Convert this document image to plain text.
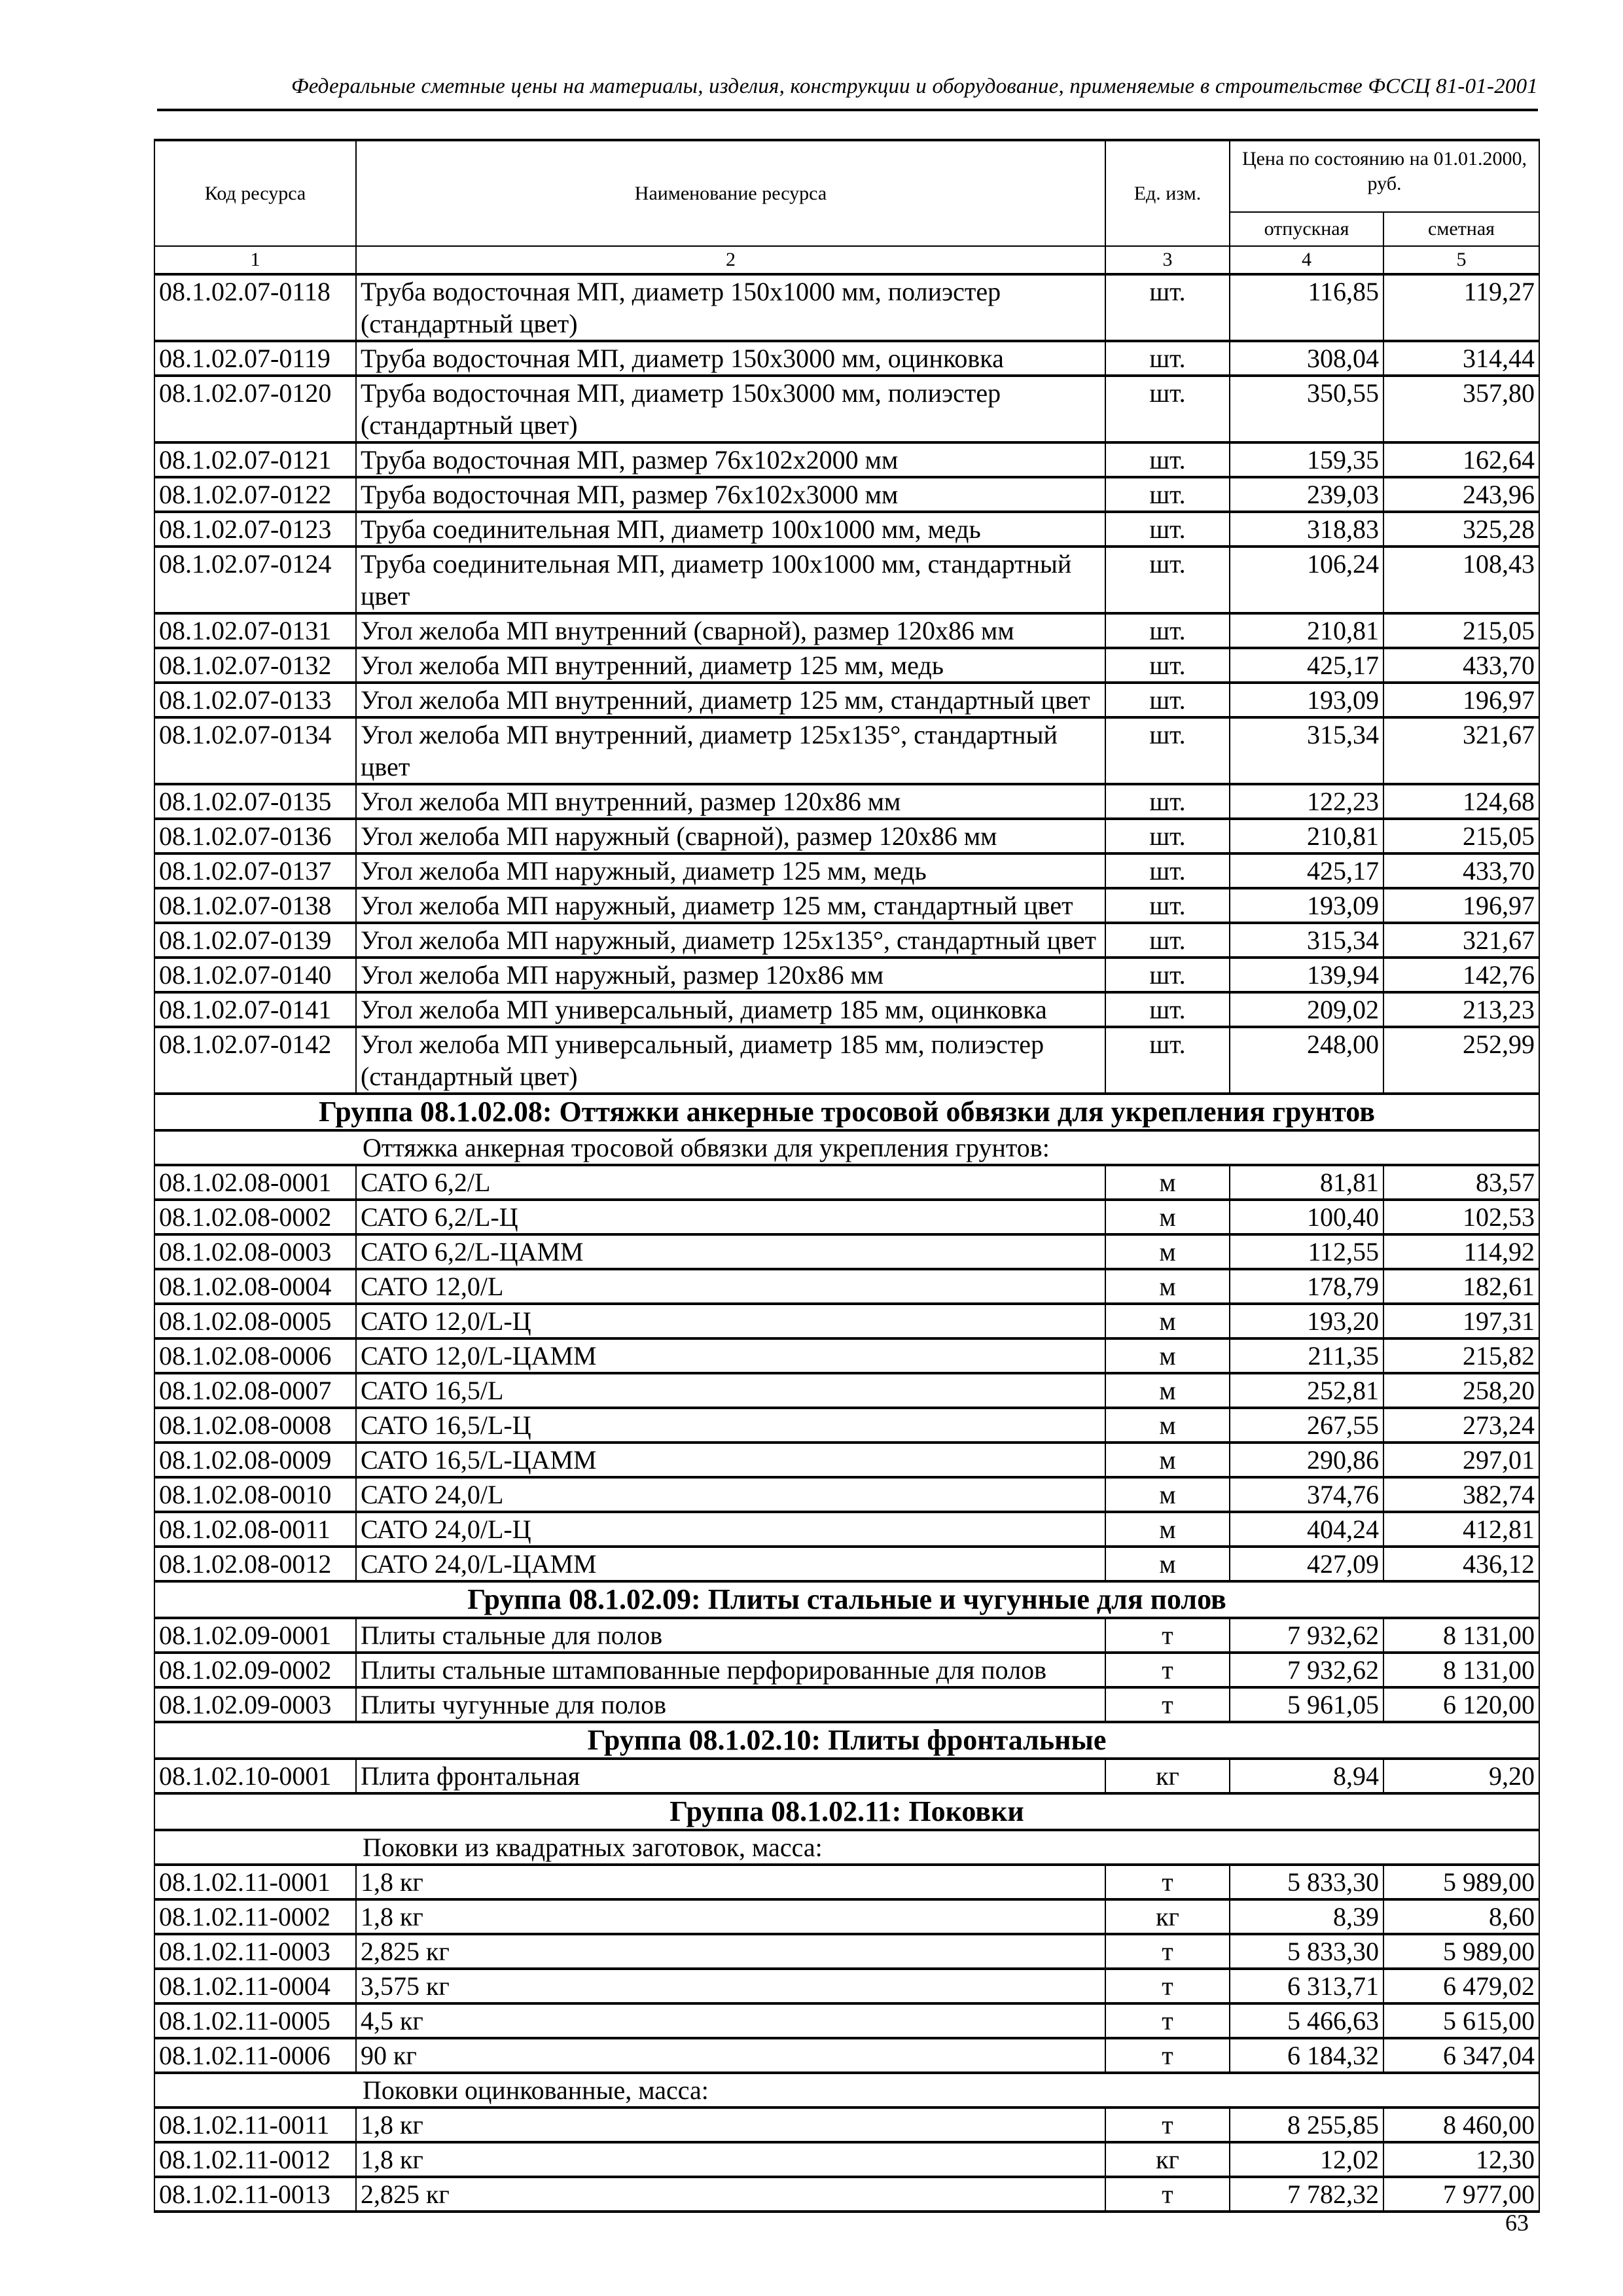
Федеральные сметные цены на материалы, изделия, конструкции и оборудование, применяемые в строительстве ФССЦ 81-01-2001
Код ресурса	Наименование ресурса	Ед. изм.	Цена по состоянию на 01.01.2000, руб.	
			отпускная	сметная
1	2	3	4	5
08.1.02.07-0118	Труба водосточная МП, диаметр 150х1000 мм, полиэстер (стандартный цвет)	шт.	116,85	119,27
08.1.02.07-0119	Труба водосточная МП, диаметр 150х3000 мм, оцинковка	шт.	308,04	314,44
08.1.02.07-0120	Труба водосточная МП, диаметр 150х3000 мм, полиэстер (стандартный цвет)	шт.	350,55	357,80
08.1.02.07-0121	Труба водосточная МП, размер 76х102х2000 мм	шт.	159,35	162,64
08.1.02.07-0122	Труба водосточная МП, размер 76х102х3000 мм	шт.	239,03	243,96
08.1.02.07-0123	Труба соединительная МП, диаметр 100х1000 мм, медь	шт.	318,83	325,28
08.1.02.07-0124	Труба соединительная МП, диаметр 100х1000 мм, стандартный цвет	шт.	106,24	108,43
08.1.02.07-0131	Угол желоба МП внутренний (сварной), размер 120х86 мм	шт.	210,81	215,05
08.1.02.07-0132	Угол желоба МП внутренний, диаметр 125 мм, медь	шт.	425,17	433,70
08.1.02.07-0133	Угол желоба МП внутренний, диаметр 125 мм, стандартный цвет	шт.	193,09	196,97
08.1.02.07-0134	Угол желоба МП внутренний, диаметр 125х135°, стандартный цвет	шт.	315,34	321,67
08.1.02.07-0135	Угол желоба МП внутренний, размер 120х86 мм	шт.	122,23	124,68
08.1.02.07-0136	Угол желоба МП наружный (сварной), размер 120х86 мм	шт.	210,81	215,05
08.1.02.07-0137	Угол желоба МП наружный, диаметр 125 мм, медь	шт.	425,17	433,70
08.1.02.07-0138	Угол желоба МП наружный, диаметр 125 мм, стандартный цвет	шт.	193,09	196,97
08.1.02.07-0139	Угол желоба МП наружный, диаметр 125х135°, стандартный цвет	шт.	315,34	321,67
08.1.02.07-0140	Угол желоба МП наружный, размер 120х86 мм	шт.	139,94	142,76
08.1.02.07-0141	Угол желоба МП универсальный, диаметр 185 мм, оцинковка	шт.	209,02	213,23
08.1.02.07-0142	Угол желоба МП универсальный, диаметр 185 мм, полиэстер (стандартный цвет)	шт.	248,00	252,99
Группа 08.1.02.08: Оттяжки анкерные тросовой обвязки для укрепления грунтов				
	Оттяжка анкерная тросовой обвязки для укрепления грунтов:			
08.1.02.08-0001	САТО 6,2/L	м	81,81	83,57
08.1.02.08-0002	САТО 6,2/L-Ц	м	100,40	102,53
08.1.02.08-0003	САТО 6,2/L-ЦАММ	м	112,55	114,92
08.1.02.08-0004	САТО 12,0/L	м	178,79	182,61
08.1.02.08-0005	САТО 12,0/L-Ц	м	193,20	197,31
08.1.02.08-0006	САТО 12,0/L-ЦАММ	м	211,35	215,82
08.1.02.08-0007	САТО 16,5/L	м	252,81	258,20
08.1.02.08-0008	САТО 16,5/L-Ц	м	267,55	273,24
08.1.02.08-0009	САТО 16,5/L-ЦАММ	м	290,86	297,01
08.1.02.08-0010	САТО 24,0/L	м	374,76	382,74
08.1.02.08-0011	САТО 24,0/L-Ц	м	404,24	412,81
08.1.02.08-0012	САТО 24,0/L-ЦАММ	м	427,09	436,12
Группа 08.1.02.09: Плиты стальные и чугунные для полов				
08.1.02.09-0001	Плиты стальные для полов	т	7 932,62	8 131,00
08.1.02.09-0002	Плиты стальные штампованные перфорированные для полов	т	7 932,62	8 131,00
08.1.02.09-0003	Плиты чугунные для полов	т	5 961,05	6 120,00
Группа 08.1.02.10: Плиты фронтальные				
08.1.02.10-0001	Плита фронтальная	кг	8,94	9,20
Группа 08.1.02.11: Поковки				
	Поковки из квадратных заготовок, масса:			
08.1.02.11-0001	1,8 кг	т	5 833,30	5 989,00
08.1.02.11-0002	1,8 кг	кг	8,39	8,60
08.1.02.11-0003	2,825 кг	т	5 833,30	5 989,00
08.1.02.11-0004	3,575 кг	т	6 313,71	6 479,02
08.1.02.11-0005	4,5 кг	т	5 466,63	5 615,00
08.1.02.11-0006	90 кг	т	6 184,32	6 347,04
	Поковки оцинкованные, масса:			
08.1.02.11-0011	1,8 кг	т	8 255,85	8 460,00
08.1.02.11-0012	1,8 кг	кг	12,02	12,30
08.1.02.11-0013	2,825 кг	т	7 782,32	7 977,00
63
